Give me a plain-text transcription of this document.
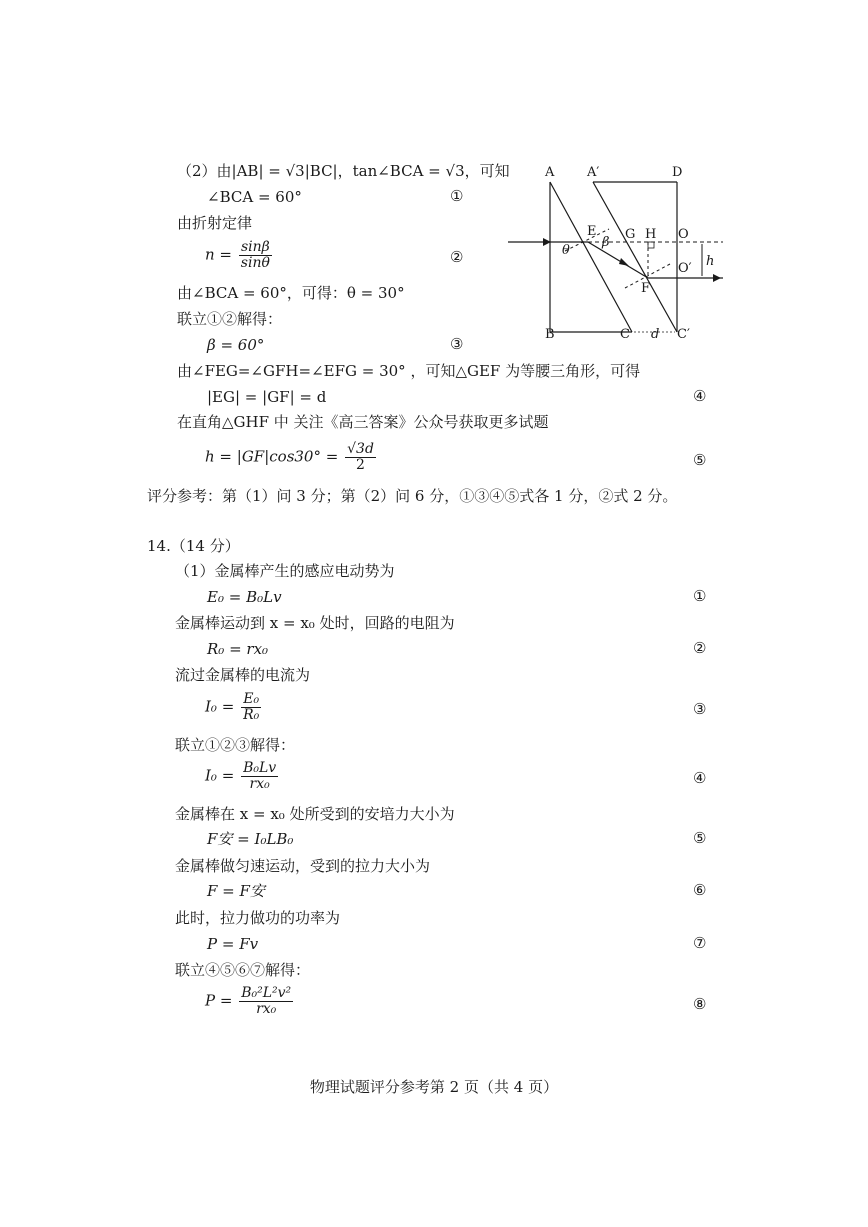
（2）由|AB| = √3|BC|，tan∠BCA = √3，可知
∠BCA = 60°	①
由折射定律
$n = \frac{\sin\beta}{\sin\theta}$	②
由∠BCA = 60°，可得：θ = 30°
联立①②解得：
β = 60°	③
由∠FEG=∠GFH=∠EFG = 30° ，可知△GEF 为等腰三角形，可得
|EG| = |GF| = d	④
在直角△GHF 中 关注《高三答案》公众号获取更多试题
$h = |GF|\cos 30^\circ = \frac{√3d}{2}$	⑤
评分参考：第（1）问 3 分；第（2）问 6 分，①③④⑤式各 1 分，②式 2 分。
14.（14 分）
（1）金属棒产生的感应电动势为
E₀ = B₀Lv	①
金属棒运动到 x = x₀ 处时，回路的电阻为
R₀ = rx₀	②
流过金属棒的电流为
$I_0 = \frac{\text{E₀}}{\text{R₀}}$	③
联立①②③解得：
$I_0 = \frac{\text{B₀Lv}}{\text{rx₀}}$	④
金属棒在 x = x₀ 处所受到的安培力大小为
F安 = I₀LB₀	⑤
金属棒做匀速运动，受到的拉力大小为
F = F安	⑥
此时，拉力做功的功率为
P = Fv	⑦
联立④⑤⑥⑦解得：
$P = \frac{\text{B₀²L²v²}}{\text{rx₀}}$	⑧
A	A′	D
E G H O
O′
F
B	C	C′
θ
β
d
h
物理试题评分参考第 2 页（共 4 页）
